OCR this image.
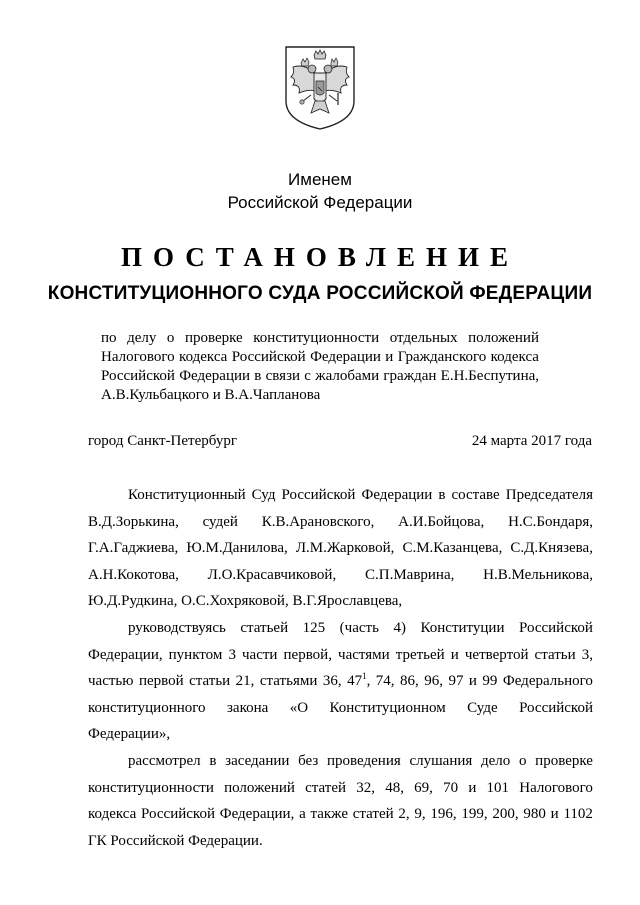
Именем
Российской Федерации
ПОСТАНОВЛЕНИЕ
КОНСТИТУЦИОННОГО СУДА РОССИЙСКОЙ ФЕДЕРАЦИИ
по делу о проверке конституционности отдельных положений
Налогового кодекса Российской Федерации и Гражданского кодекса
Российской Федерации в связи с жалобами граждан Е.Н.Беспутина,
А.В.Кульбацкого и В.А.Чапланова
город Санкт-Петербург	24 марта 2017 года
Конституционный Суд Российской Федерации в составе Председателя
В.Д.Зорькина, судей К.В.Арановского, А.И.Бойцова, Н.С.Бондаря,
Г.А.Гаджиева, Ю.М.Данилова, Л.М.Жарковой, С.М.Казанцева, С.Д.Князева,
А.Н.Кокотова, Л.О.Красавчиковой, С.П.Маврина, Н.В.Мельникова,
Ю.Д.Рудкина, О.С.Хохряковой, В.Г.Ярославцева,
руководствуясь статьей 125 (часть 4) Конституции Российской
Федерации, пунктом 3 части первой, частями третьей и четвертой статьи 3,
частью первой статьи 21, статьями 36, $47^1$, 74, 86, 96, 97 и 99 Федерального
конституционного закона «О Конституционном Суде Российской
Федерации»,
рассмотрел в заседании без проведения слушания дело о проверке
конституционности положений статей 32, 48, 69, 70 и 101 Налогового
кодекса Российской Федерации, а также статей 2, 9, 196, 199, 200, 980 и 1102
ГК Российской Федерации.
